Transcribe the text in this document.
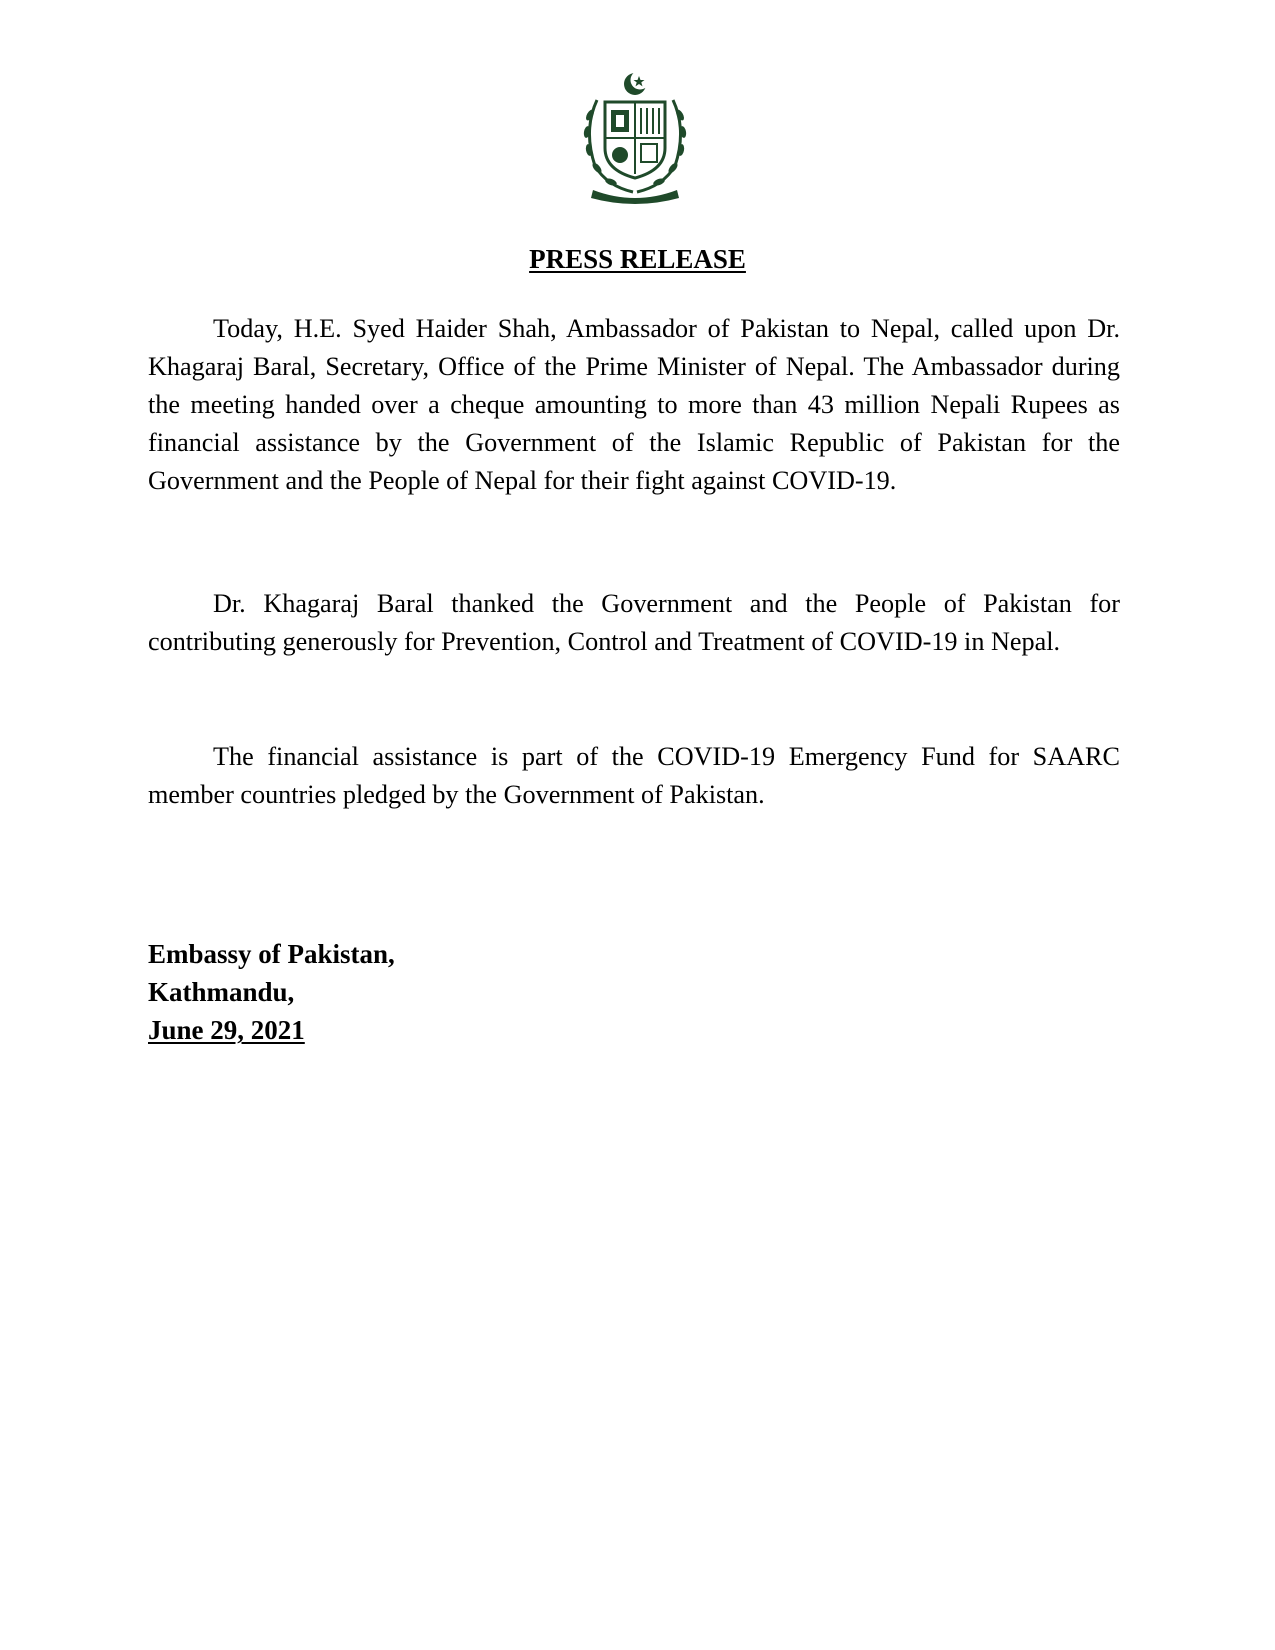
PRESS RELEASE

Today, H.E. Syed Haider Shah, Ambassador of Pakistan to Nepal, called upon Dr. Khagaraj Baral, Secretary, Office of the Prime Minister of Nepal. The Ambassador during the meeting handed over a cheque amounting to more than 43 million Nepali Rupees as financial assistance by the Government of the Islamic Republic of Pakistan for the Government and the People of Nepal for their fight against COVID-19.

Dr. Khagaraj Baral thanked the Government and the People of Pakistan for contributing generously for Prevention, Control and Treatment of COVID-19 in Nepal.

The financial assistance is part of the COVID-19 Emergency Fund for SAARC member countries pledged by the Government of Pakistan.

Embassy of Pakistan,
Kathmandu,
June 29, 2021
